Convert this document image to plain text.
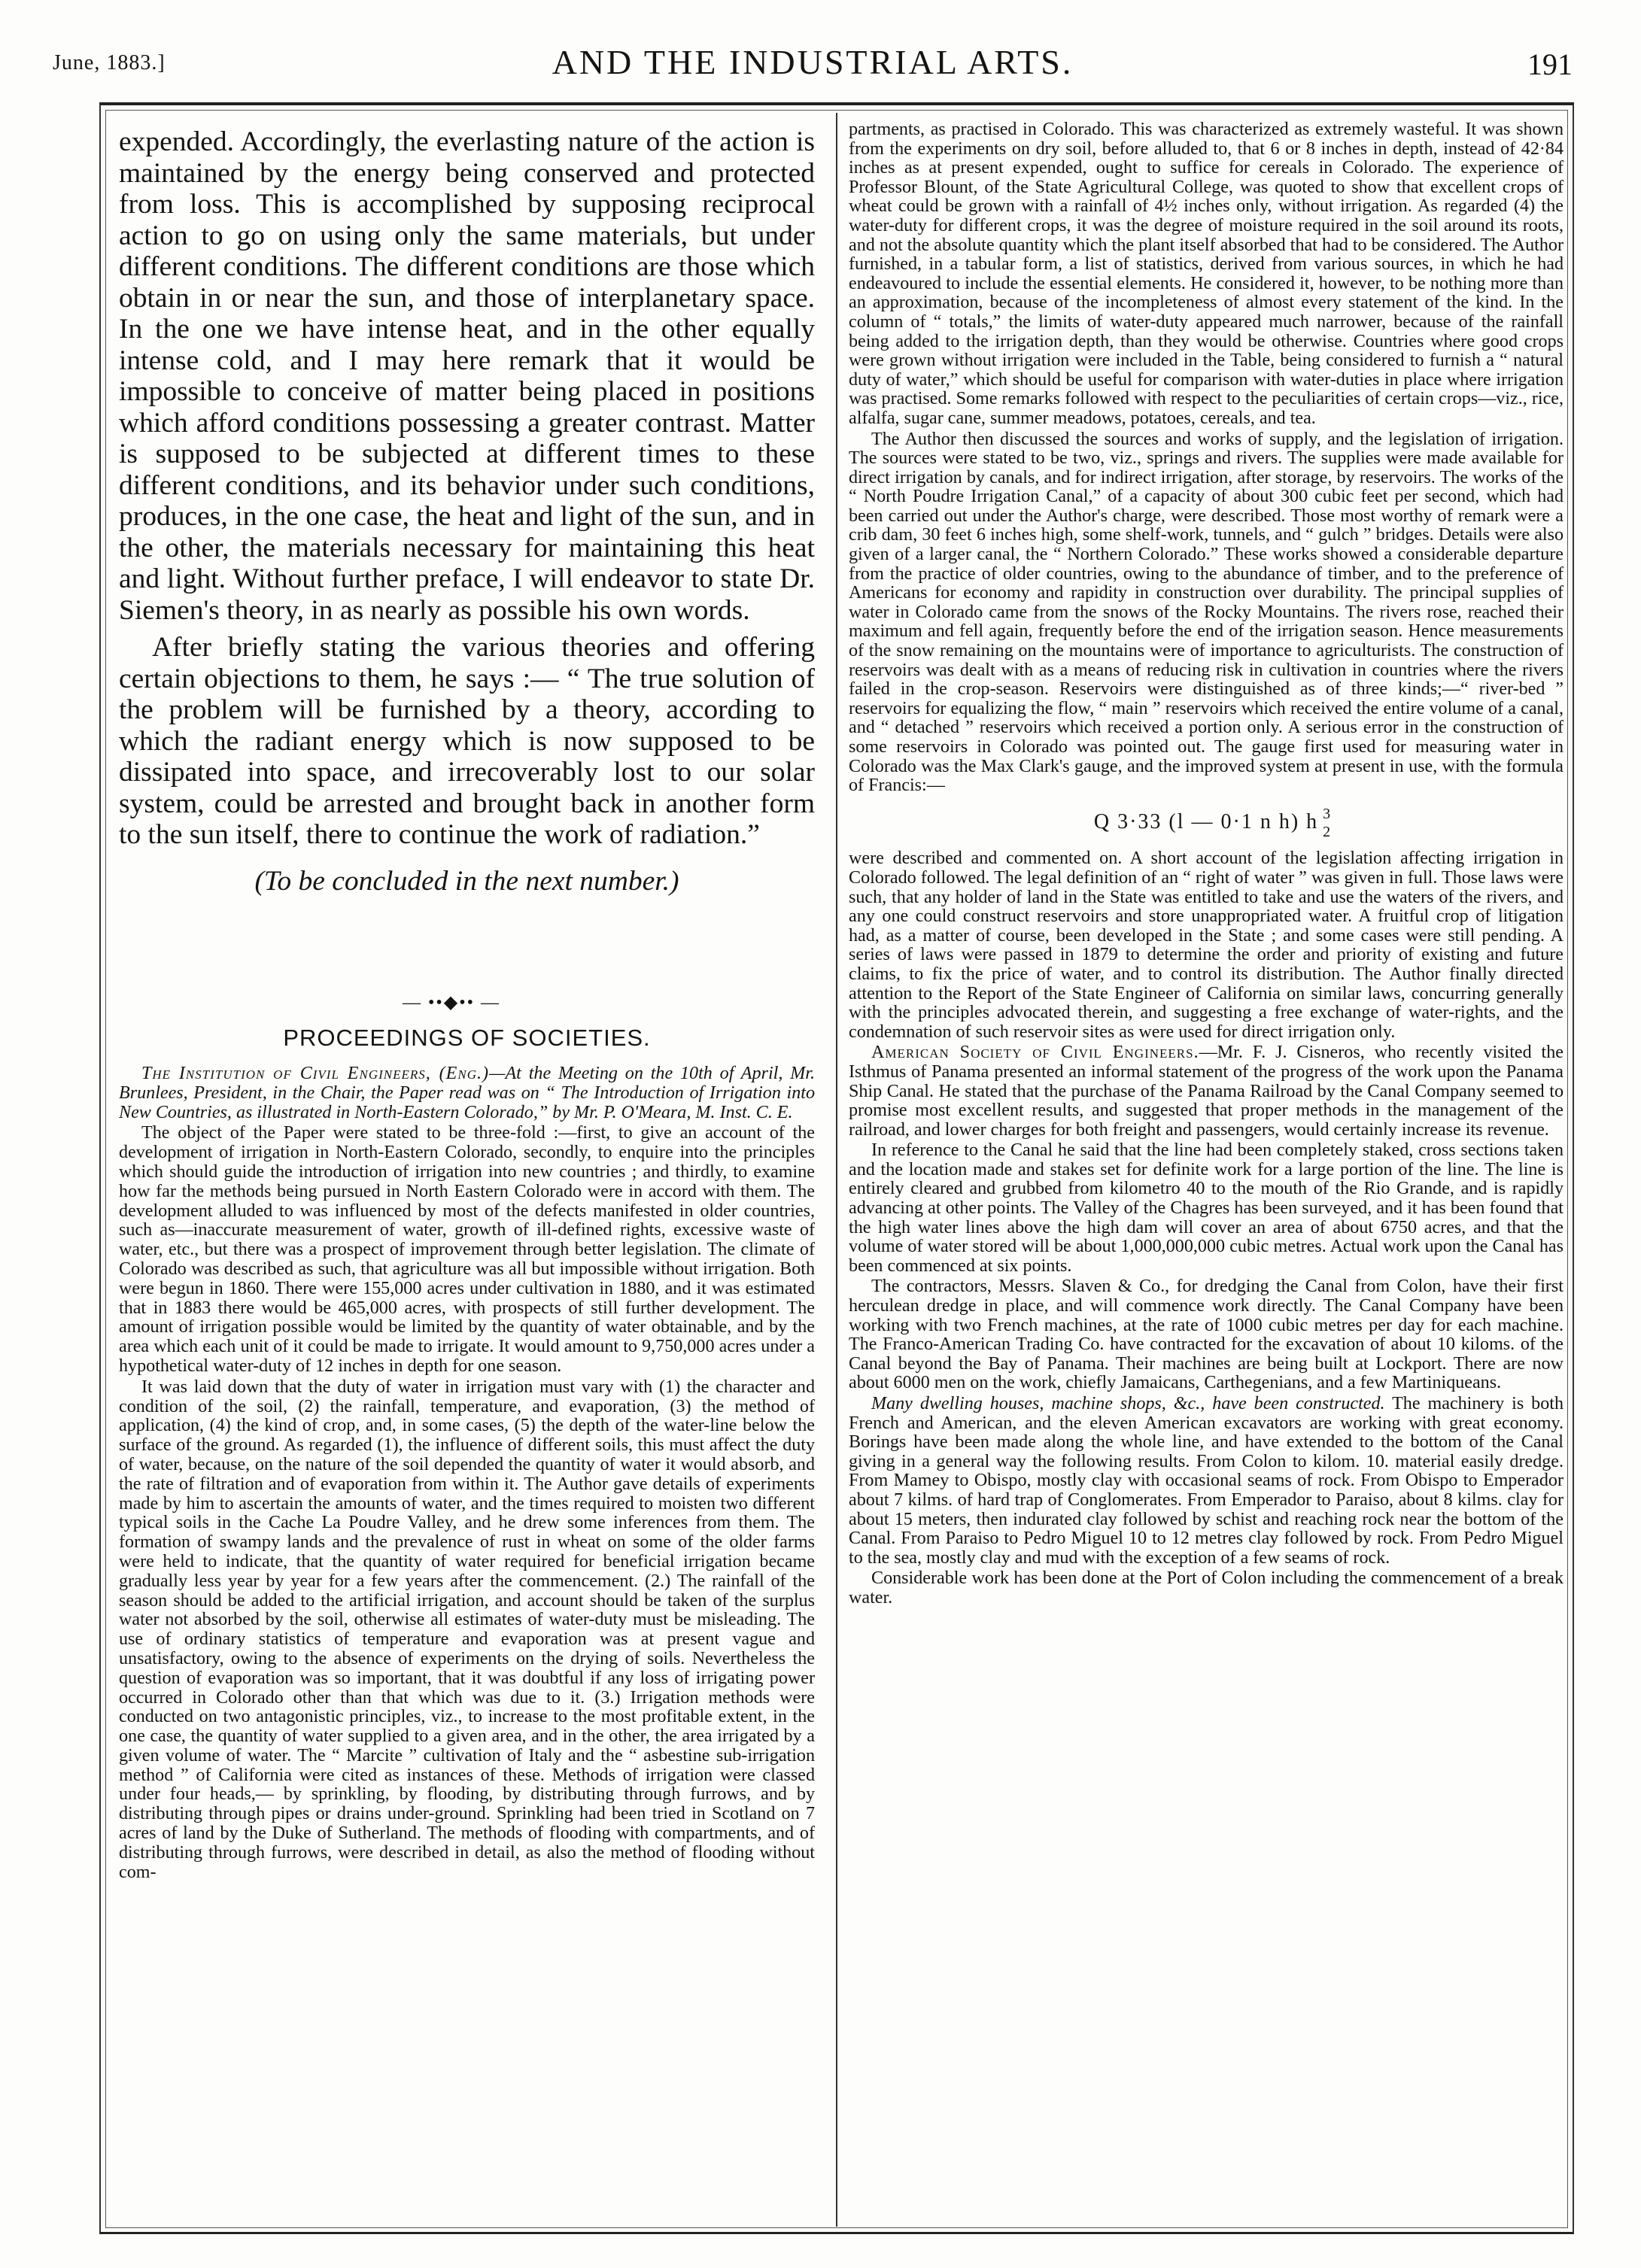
June, 1883.]	AND THE INDUSTRIAL ARTS.	191

expended. Accordingly, the everlasting nature of the action is maintained by the energy being conserved and protected from loss. This is accomplished by supposing reciprocal action to go on using only the same materials, but under different conditions. The different conditions are those which obtain in or near the sun, and those of interplanetary space. In the one we have intense heat, and in the other equally intense cold, and I may here remark that it would be impossible to conceive of matter being placed in positions which afford conditions possessing a greater contrast. Matter is supposed to be subjected at different times to these different conditions, and its behavior under such conditions, produces, in the one case, the heat and light of the sun, and in the other, the materials necessary for maintaining this heat and light. Without further preface, I will endeavor to state Dr. Siemen's theory, in as nearly as possible his own words.

After briefly stating the various theories and offering certain objections to them, he says :— “ The true solution of the problem will be furnished by a theory, according to which the radiant energy which is now supposed to be dissipated into space, and irrecoverably lost to our solar system, could be arrested and brought back in another form to the sun itself, there to continue the work of radiation.”

(To be concluded in the next number.)

— ••◆•• —
PROCEEDINGS OF SOCIETIES.

The Institution of Civil Engineers, (Eng.)—At the Meeting on the 10th of April, Mr. Brunlees, President, in the Chair, the Paper read was on “ The Introduction of Irrigation into New Countries, as illustrated in North-Eastern Colorado,” by Mr. P. O'Meara, M. Inst. C. E.

The object of the Paper were stated to be three-fold :—first, to give an account of the development of irrigation in North-Eastern Colorado, secondly, to enquire into the principles which should guide the introduction of irrigation into new countries ; and thirdly, to examine how far the methods being pursued in North Eastern Colorado were in accord with them. The development alluded to was influenced by most of the defects manifested in older countries, such as—inaccurate measurement of water, growth of ill-defined rights, excessive waste of water, etc., but there was a prospect of improvement through better legislation. The climate of Colorado was described as such, that agriculture was all but impossible without irrigation. Both were begun in 1860. There were 155,000 acres under cultivation in 1880, and it was estimated that in 1883 there would be 465,000 acres, with prospects of still further development. The amount of irrigation possible would be limited by the quantity of water obtainable, and by the area which each unit of it could be made to irrigate. It would amount to 9,750,000 acres under a hypothetical water-duty of 12 inches in depth for one season.

It was laid down that the duty of water in irrigation must vary with (1) the character and condition of the soil, (2) the rainfall, temperature, and evaporation, (3) the method of application, (4) the kind of crop, and, in some cases, (5) the depth of the water-line below the surface of the ground. As regarded (1), the influence of different soils, this must affect the duty of water, because, on the nature of the soil depended the quantity of water it would absorb, and the rate of filtration and of evaporation from within it. The Author gave details of experiments made by him to ascertain the amounts of water, and the times required to moisten two different typical soils in the Cache La Poudre Valley, and he drew some inferences from them. The formation of swampy lands and the prevalence of rust in wheat on some of the older farms were held to indicate, that the quantity of water required for beneficial irrigation became gradually less year by year for a few years after the commencement. (2.) The rainfall of the season should be added to the artificial irrigation, and account should be taken of the surplus water not absorbed by the soil, otherwise all estimates of water-duty must be misleading. The use of ordinary statistics of temperature and evaporation was at present vague and unsatisfactory, owing to the absence of experiments on the drying of soils. Nevertheless the question of evaporation was so important, that it was doubtful if any loss of irrigating power occurred in Colorado other than that which was due to it. (3.) Irrigation methods were conducted on two antagonistic principles, viz., to increase to the most profitable extent, in the one case, the quantity of water supplied to a given area, and in the other, the area irrigated by a given volume of water. The “ Marcite ” cultivation of Italy and the “ asbestine sub-irrigation method ” of California were cited as instances of these. Methods of irrigation were classed under four heads,— by sprinkling, by flooding, by distributing through furrows, and by distributing through pipes or drains under-ground. Sprinkling had been tried in Scotland on 7 acres of land by the Duke of Sutherland. The methods of flooding with compartments, and of distributing through furrows, were described in detail, as also the method of flooding without com-

partments, as practised in Colorado. This was characterized as extremely wasteful. It was shown from the experiments on dry soil, before alluded to, that 6 or 8 inches in depth, instead of 42·84 inches as at present expended, ought to suffice for cereals in Colorado. The experience of Professor Blount, of the State Agricultural College, was quoted to show that excellent crops of wheat could be grown with a rainfall of 4½ inches only, without irrigation. As regarded (4) the water-duty for different crops, it was the degree of moisture required in the soil around its roots, and not the absolute quantity which the plant itself absorbed that had to be considered. The Author furnished, in a tabular form, a list of statistics, derived from various sources, in which he had endeavoured to include the essential elements. He considered it, however, to be nothing more than an approximation, because of the incompleteness of almost every statement of the kind. In the column of “ totals,” the limits of water-duty appeared much narrower, because of the rainfall being added to the irrigation depth, than they would be otherwise. Countries where good crops were grown without irrigation were included in the Table, being considered to furnish a “ natural duty of water,” which should be useful for comparison with water-duties in place where irrigation was practised. Some remarks followed with respect to the peculiarities of certain crops—viz., rice, alfalfa, sugar cane, summer meadows, potatoes, cereals, and tea.

The Author then discussed the sources and works of supply, and the legislation of irrigation. The sources were stated to be two, viz., springs and rivers. The supplies were made available for direct irrigation by canals, and for indirect irrigation, after storage, by reservoirs. The works of the “ North Poudre Irrigation Canal,” of a capacity of about 300 cubic feet per second, which had been carried out under the Author's charge, were described. Those most worthy of remark were a crib dam, 30 feet 6 inches high, some shelf-work, tunnels, and “ gulch ” bridges. Details were also given of a larger canal, the “ Northern Colorado.” These works showed a considerable departure from the practice of older countries, owing to the abundance of timber, and to the preference of Americans for economy and rapidity in construction over durability. The principal supplies of water in Colorado came from the snows of the Rocky Mountains. The rivers rose, reached their maximum and fell again, frequently before the end of the irrigation season. Hence measurements of the snow remaining on the mountains were of importance to agriculturists. The construction of reservoirs was dealt with as a means of reducing risk in cultivation in countries where the rivers failed in the crop-season. Reservoirs were distinguished as of three kinds;—“ river-bed ” reservoirs for equalizing the flow, “ main ” reservoirs which received the entire volume of a canal, and “ detached ” reservoirs which received a portion only. A serious error in the construction of some reservoirs in Colorado was pointed out. The gauge first used for measuring water in Colorado was the Max Clark's gauge, and the improved system at present in use, with the formula of Francis:—

Q 3·33 (l — 0·1 n h) h 3
2

were described and commented on. A short account of the legislation affecting irrigation in Colorado followed. The legal definition of an “ right of water ” was given in full. Those laws were such, that any holder of land in the State was entitled to take and use the waters of the rivers, and any one could construct reservoirs and store unappropriated water. A fruitful crop of litigation had, as a matter of course, been developed in the State ; and some cases were still pending. A series of laws were passed in 1879 to determine the order and priority of existing and future claims, to fix the price of water, and to control its distribution. The Author finally directed attention to the Report of the State Engineer of California on similar laws, concurring generally with the principles advocated therein, and suggesting a free exchange of water-rights, and the condemnation of such reservoir sites as were used for direct irrigation only.

American Society of Civil Engineers.—Mr. F. J. Cisneros, who recently visited the Isthmus of Panama presented an informal statement of the progress of the work upon the Panama Ship Canal. He stated that the purchase of the Panama Railroad by the Canal Company seemed to promise most excellent results, and suggested that proper methods in the management of the railroad, and lower charges for both freight and passengers, would certainly increase its revenue.

In reference to the Canal he said that the line had been completely staked, cross sections taken and the location made and stakes set for definite work for a large portion of the line. The line is entirely cleared and grubbed from kilometro 40 to the mouth of the Rio Grande, and is rapidly advancing at other points. The Valley of the Chagres has been surveyed, and it has been found that the high water lines above the high dam will cover an area of about 6750 acres, and that the volume of water stored will be about 1,000,000,000 cubic metres. Actual work upon the Canal has been commenced at six points.

The contractors, Messrs. Slaven & Co., for dredging the Canal from Colon, have their first herculean dredge in place, and will commence work directly. The Canal Company have been working with two French machines, at the rate of 1000 cubic metres per day for each machine. The Franco-American Trading Co. have contracted for the excavation of about 10 kiloms. of the Canal beyond the Bay of Panama. Their machines are being built at Lockport. There are now about 6000 men on the work, chiefly Jamaicans, Carthegenians, and a few Martiniqueans.

Many dwelling houses, machine shops, &c., have been constructed. The machinery is both French and American, and the eleven American excavators are working with great economy. Borings have been made along the whole line, and have extended to the bottom of the Canal giving in a general way the following results. From Colon to kilom. 10. material easily dredge. From Mamey to Obispo, mostly clay with occasional seams of rock. From Obispo to Emperador about 7 kilms. of hard trap of Conglomerates. From Emperador to Paraiso, about 8 kilms. clay for about 15 meters, then indurated clay followed by schist and reaching rock near the bottom of the Canal. From Paraiso to Pedro Miguel 10 to 12 metres clay followed by rock. From Pedro Miguel to the sea, mostly clay and mud with the exception of a few seams of rock.

Considerable work has been done at the Port of Colon including the commencement of a break water.
